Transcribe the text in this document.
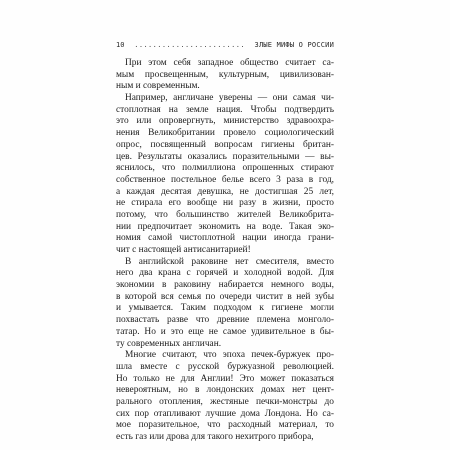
10 ........................ ЗЛЫЕ МИФЫ О РОССИИ
При этом себя западное общество считает са-
мым просвещенным, культурным, цивилизован-
ным и современным.
Например, англичане уверены — они самая чи-
стоплотная на земле нация. Чтобы подтвердить
это или опровергнуть, министерство здравоохра-
нения Великобритании провело социологический
опрос, посвященный вопросам гигиены британ-
цев. Результаты оказались поразительными — вы-
яснилось, что полмиллиона опрошенных стирают
собственное постельное белье всего 3 раза в год,
а каждая десятая девушка, не достигшая 25 лет,
не стирала его вообще ни разу в жизни, просто
потому, что большинство жителей Великобрита-
нии предпочитает экономить на воде. Такая эко-
номия самой чистоплотной нации иногда грани-
чит с настоящей антисанитарией!
В английской раковине нет смесителя, вместо
него два крана с горячей и холодной водой. Для
экономии в раковину набирается немного воды,
в которой вся семья по очереди чистит в ней зубы
и умывается. Таким подходом к гигиене могли
похвастать разве что древние племена монголо-
татар. Но и это еще не самое удивительное в бы-
ту современных англичан.
Многие считают, что эпоха печек-буржуек про-
шла вместе с русской буржуазной революцией.
Но только не для Англии! Это может показаться
невероятным, но в лондонских домах нет цент-
рального отопления, жестяные печки-монстры до
сих пор отапливают лучшие дома Лондона. Но са-
мое поразительное, что расходный материал, то
есть газ или дрова для такого нехитрого прибора,
